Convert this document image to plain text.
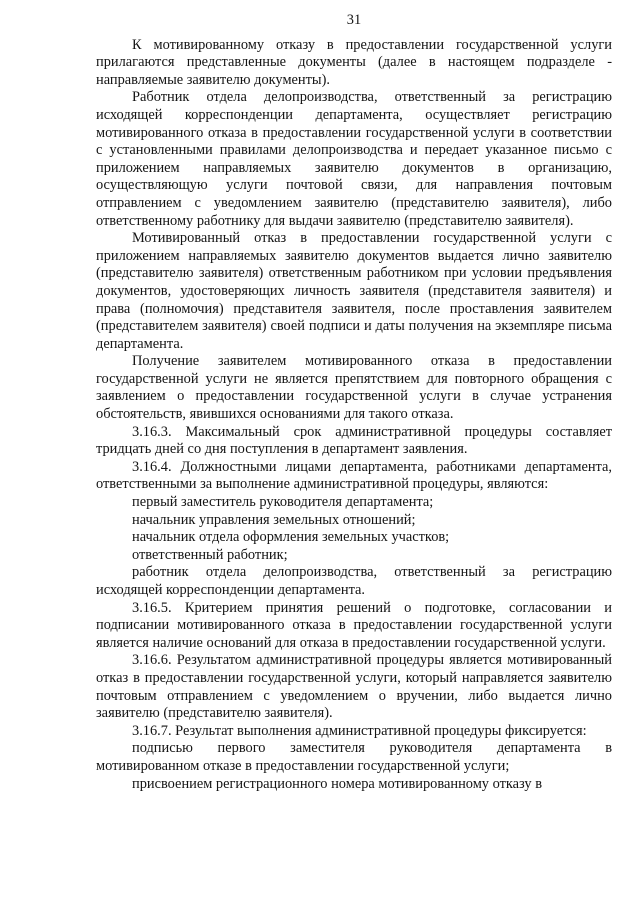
31

К мотивированному отказу в предоставлении государственной услуги прилагаются представленные документы (далее в настоящем подразделе - направляемые заявителю документы).

Работник отдела делопроизводства, ответственный за регистрацию исходящей корреспонденции департамента, осуществляет регистрацию мотивированного отказа в предоставлении государственной услуги в соответствии с установленными правилами делопроизводства и передает указанное письмо с приложением направляемых заявителю документов в организацию, осуществляющую услуги почтовой связи, для направления почтовым отправлением с уведомлением заявителю (представителю заявителя), либо ответственному работнику для выдачи заявителю (представителю заявителя).

Мотивированный отказ в предоставлении государственной услуги с приложением направляемых заявителю документов выдается лично заявителю (представителю заявителя) ответственным работником при условии предъявления документов, удостоверяющих личность заявителя (представителя заявителя) и права (полномочия) представителя заявителя, после проставления заявителем (представителем заявителя) своей подписи и даты получения на экземпляре письма департамента.

Получение заявителем мотивированного отказа в предоставлении государственной услуги не является препятствием для повторного обращения с заявлением о предоставлении государственной услуги в случае устранения обстоятельств, явившихся основаниями для такого отказа.

3.16.3. Максимальный срок административной процедуры составляет тридцать дней со дня поступления в департамент заявления.

3.16.4. Должностными лицами департамента, работниками департамента, ответственными за выполнение административной процедуры, являются:

первый заместитель руководителя департамента;

начальник управления земельных отношений;

начальник отдела оформления земельных участков;

ответственный работник;

работник отдела делопроизводства, ответственный за регистрацию исходящей корреспонденции департамента.

3.16.5. Критерием принятия решений о подготовке, согласовании и подписании мотивированного отказа в предоставлении государственной услуги является наличие оснований для отказа в предоставлении государственной услуги.

3.16.6. Результатом административной процедуры является мотивированный отказ в предоставлении государственной услуги, который направляется заявителю почтовым отправлением с уведомлением о вручении, либо выдается лично заявителю (представителю заявителя).

3.16.7. Результат выполнения административной процедуры фиксируется:

подписью первого заместителя руководителя департамента в мотивированном отказе в предоставлении государственной услуги;

присвоением регистрационного номера мотивированному отказу в
